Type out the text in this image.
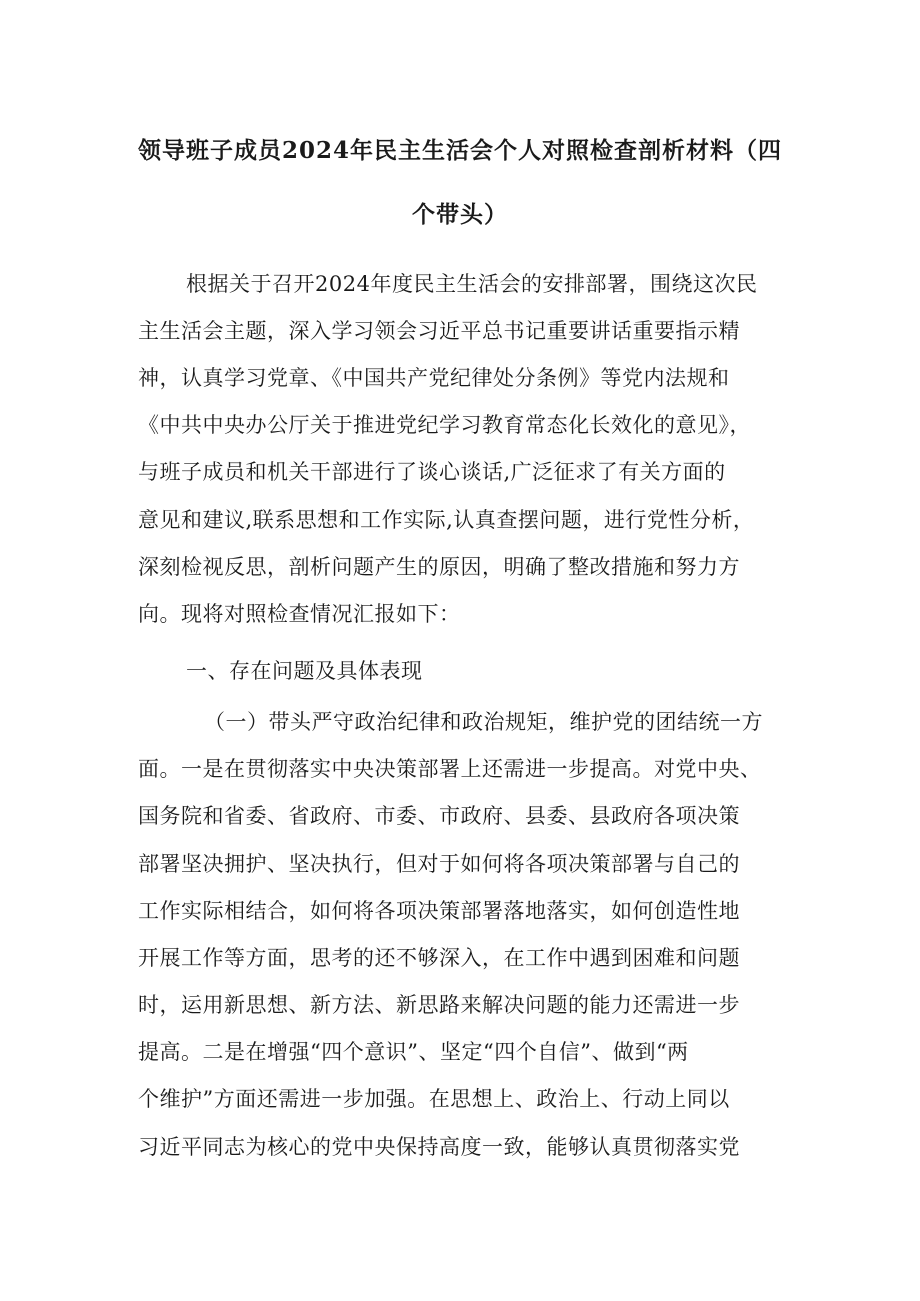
领导班子成员2024年民主生活会个人对照检查剖析材料（四
个带头）
根据关于召开2024年度民主生活会的安排部署，围绕这次民
主生活会主题，深入学习领会习近平总书记重要讲话重要指示精
神，认真学习党章、《中国共产党纪律处分条例》等党内法规和
《中共中央办公厅关于推进党纪学习教育常态化长效化的意见》，
与班子成员和机关干部进行了谈心谈话,广泛征求了有关方面的
意见和建议,联系思想和工作实际,认真查摆问题，进行党性分析，
深刻检视反思，剖析问题产生的原因，明确了整改措施和努力方
向。现将对照检查情况汇报如下：
一、存在问题及具体表现
（一）带头严守政治纪律和政治规矩，维护党的团结统一方
面。一是在贯彻落实中央决策部署上还需进一步提高。对党中央、
国务院和省委、省政府、市委、市政府、县委、县政府各项决策
部署坚决拥护、坚决执行，但对于如何将各项决策部署与自己的
工作实际相结合，如何将各项决策部署落地落实，如何创造性地
开展工作等方面，思考的还不够深入，在工作中遇到困难和问题
时，运用新思想、新方法、新思路来解决问题的能力还需进一步
提高。二是在增强“四个意识”、坚定“四个自信”、做到“两
个维护”方面还需进一步加强。在思想上、政治上、行动上同以
习近平同志为核心的党中央保持高度一致，能够认真贯彻落实党
